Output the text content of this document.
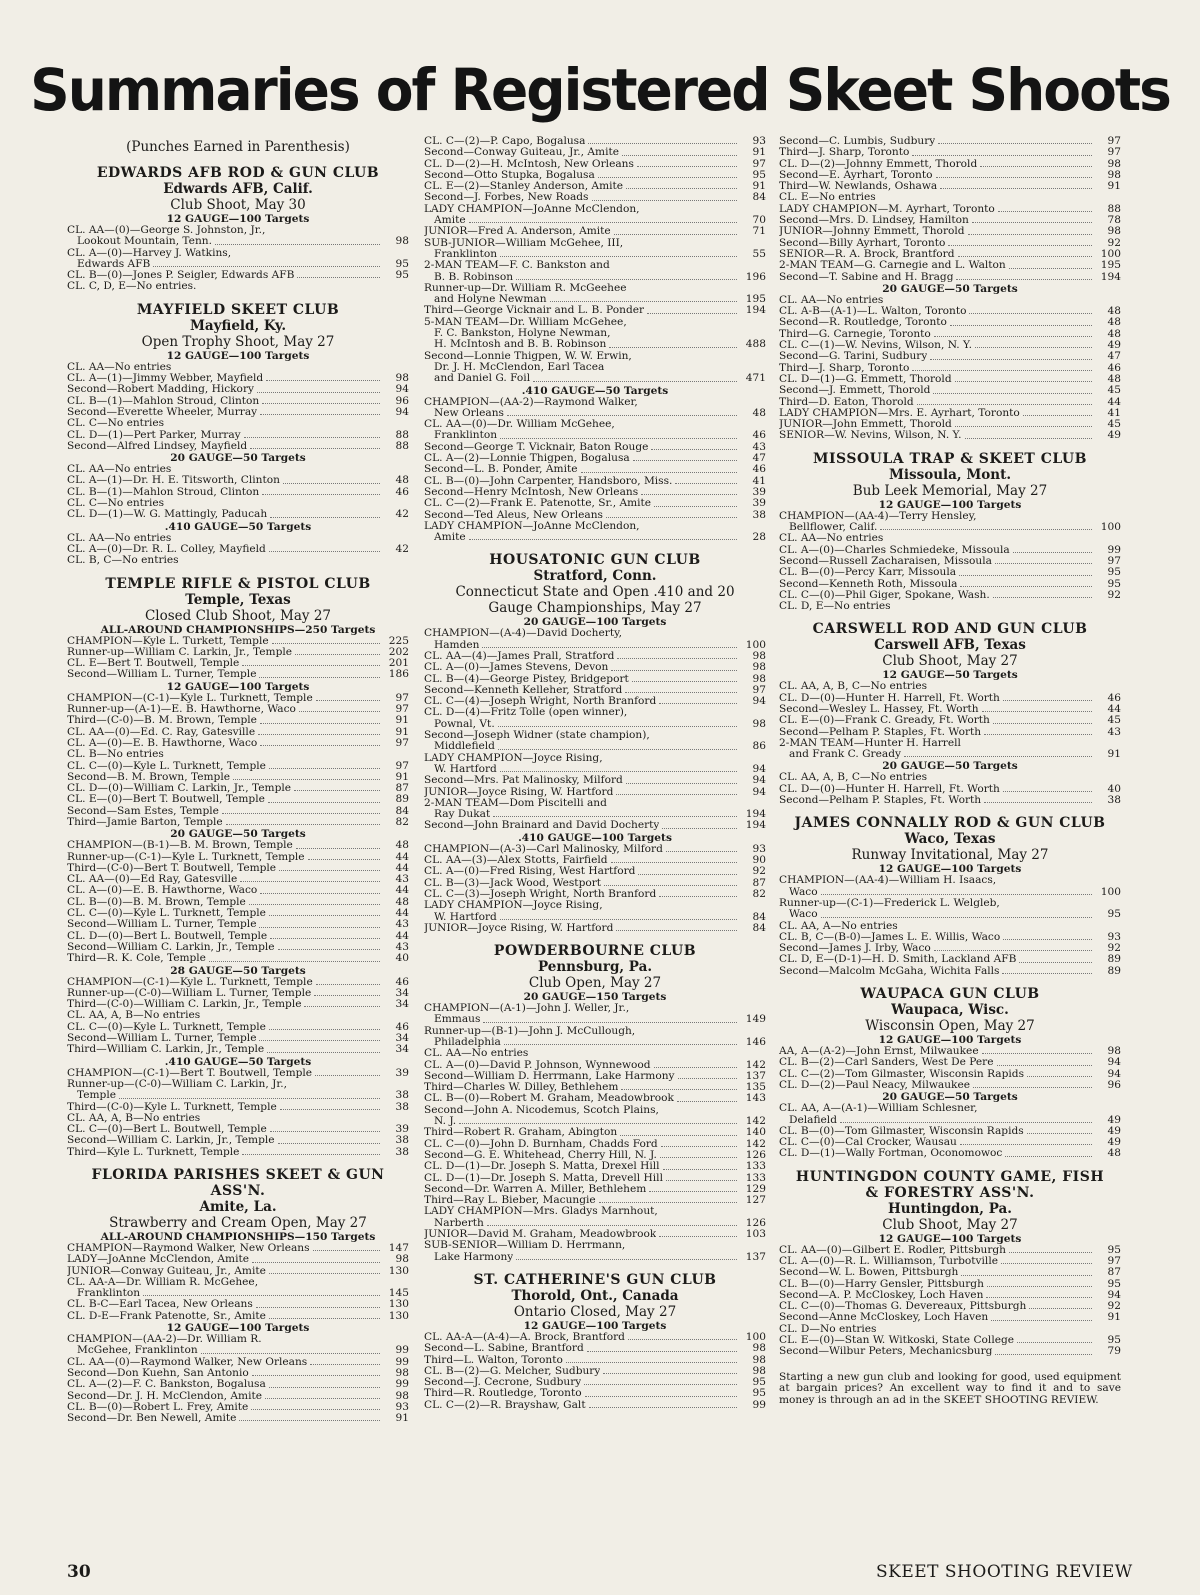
Summaries of Registered Skeet Shoots
(Punches Earned in Parenthesis)
EDWARDS AFB ROD & GUN CLUB
Edwards AFB, Calif.
Club Shoot, May 30
12 GAUGE—100 Targets
CL. AA—(0)—George S. Johnston, Jr.,
Lookout Mountain, Tenn.	98
CL. A—(0)—Harvey J. Watkins,
Edwards AFB	95
CL. B—(0)—Jones P. Seigler, Edwards AFB	95
CL. C, D, E—No entries.
MAYFIELD SKEET CLUB
Mayfield, Ky.
Open Trophy Shoot, May 27
12 GAUGE—100 Targets
CL. AA—No entries
CL. A—(1)—Jimmy Webber, Mayfield	98
Second—Robert Madding, Hickory	94
CL. B—(1)—Mahlon Stroud, Clinton	96
Second—Everette Wheeler, Murray	94
CL. C—No entries
CL. D—(1)—Pert Parker, Murray	88
Second—Alfred Lindsey, Mayfield	88
20 GAUGE—50 Targets
CL. AA—No entries
CL. A—(1)—Dr. H. E. Titsworth, Clinton	48
CL. B—(1)—Mahlon Stroud, Clinton	46
CL. C—No entries
CL. D—(1)—W. G. Mattingly, Paducah	42
.410 GAUGE—50 Targets
CL. AA—No entries
CL. A—(0)—Dr. R. L. Colley, Mayfield	42
CL. B, C—No entries
TEMPLE RIFLE & PISTOL CLUB
Temple, Texas
Closed Club Shoot, May 27
ALL-AROUND CHAMPIONSHIPS—250 Targets
CHAMPION—Kyle L. Turkett, Temple	225
Runner-up—William C. Larkin, Jr., Temple	202
CL. E—Bert T. Boutwell, Temple	201
Second—William L. Turner, Temple	186
12 GAUGE—100 Targets
CHAMPION—(C-1)—Kyle L. Turknett, Temple	97
Runner-up—(A-1)—E. B. Hawthorne, Waco	97
Third—(C-0)—B. M. Brown, Temple	91
CL. AA—(0)—Ed. C. Ray, Gatesville	91
CL. A—(0)—E. B. Hawthorne, Waco	97
CL. B—No entries
CL. C—(0)—Kyle L. Turknett, Temple	97
Second—B. M. Brown, Temple	91
CL. D—(0)—William C. Larkin, Jr., Temple	87
CL. E—(0)—Bert T. Boutwell, Temple	89
Second—Sam Estes, Temple	84
Third—Jamie Barton, Temple	82
20 GAUGE—50 Targets
CHAMPION—(B-1)—B. M. Brown, Temple	48
Runner-up—(C-1)—Kyle L. Turknett, Temple	44
Third—(C-0)—Bert T. Boutwell, Temple	44
CL. AA—(0)—Ed Ray, Gatesville	43
CL. A—(0)—E. B. Hawthorne, Waco	44
CL. B—(0)—B. M. Brown, Temple	48
CL. C—(0)—Kyle L. Turknett, Temple	44
Second—William L. Turner, Temple	43
CL. D—(0)—Bert L. Boutwell, Temple	44
Second—William C. Larkin, Jr., Temple	43
Third—R. K. Cole, Temple	40
28 GAUGE—50 Targets
CHAMPION—(C-1)—Kyle L. Turknett, Temple	46
Runner-up—(C-0)—William L. Turner, Temple	34
Third—(C-0)—William C. Larkin, Jr., Temple	34
CL. AA, A, B—No entries
CL. C—(0)—Kyle L. Turknett, Temple	46
Second—William L. Turner, Temple	34
Third—William C. Larkin, Jr., Temple	34
.410 GAUGE—50 Targets
CHAMPION—(C-1)—Bert T. Boutwell, Temple	39
Runner-up—(C-0)—William C. Larkin, Jr.,
Temple	38
Third—(C-0)—Kyle L. Turknett, Temple	38
CL. AA, A, B—No entries
CL. C—(0)—Bert L. Boutwell, Temple	39
Second—William C. Larkin, Jr., Temple	38
Third—Kyle L. Turknett, Temple	38
FLORIDA PARISHES SKEET & GUN
ASS'N.
Amite, La.
Strawberry and Cream Open, May 27
ALL-AROUND CHAMPIONSHIPS—150 Targets
CHAMPION—Raymond Walker, New Orleans	147
LADY—JoAnne McClendon, Amite	98
JUNIOR—Conway Guiteau, Jr., Amite	130
CL. AA-A—Dr. William R. McGehee,
Franklinton	145
CL. B-C—Earl Tacea, New Orleans	130
CL. D-E—Frank Patenotte, Sr., Amite	130
12 GAUGE—100 Targets
CHAMPION—(AA-2)—Dr. William R.
McGehee, Franklinton	99
CL. AA—(0)—Raymond Walker, New Orleans	99
Second—Don Kuehn, San Antonio	98
CL. A—(2)—F. C. Bankston, Bogalusa	99
Second—Dr. J. H. McClendon, Amite	98
CL. B—(0)—Robert L. Frey, Amite	93
Second—Dr. Ben Newell, Amite	91
CL. C—(2)—P. Capo, Bogalusa	93
Second—Conway Guiteau, Jr., Amite	91
CL. D—(2)—H. McIntosh, New Orleans	97
Second—Otto Stupka, Bogalusa	95
CL. E—(2)—Stanley Anderson, Amite	91
Second—J. Forbes, New Roads	84
LADY CHAMPION—JoAnne McClendon,
Amite	70
JUNIOR—Fred A. Anderson, Amite	71
SUB-JUNIOR—William McGehee, III,
Franklinton	55
2-MAN TEAM—F. C. Bankston and
B. B. Robinson	196
Runner-up—Dr. William R. McGeehee
and Holyne Newman	195
Third—George Vicknair and L. B. Ponder	194
5-MAN TEAM—Dr. William McGehee,
F. C. Bankston, Holyne Newman,
H. McIntosh and B. B. Robinson	488
Second—Lonnie Thigpen, W. W. Erwin,
Dr. J. H. McClendon, Earl Tacea
and Daniel G. Foil	471
.410 GAUGE—50 Targets
CHAMPION—(AA-2)—Raymond Walker,
New Orleans	48
CL. AA—(0)—Dr. William McGehee,
Franklinton	46
Second—George T. Vicknair, Baton Rouge	43
CL. A—(2)—Lonnie Thigpen, Bogalusa	47
Second—L. B. Ponder, Amite	46
CL. B—(0)—John Carpenter, Handsboro, Miss.	41
Second—Henry McIntosh, New Orleans	39
CL. C—(2)—Frank E. Patenotte, Sr., Amite	39
Second—Ted Aleus, New Orleans	38
LADY CHAMPION—JoAnne McClendon,
Amite	28
HOUSATONIC GUN CLUB
Stratford, Conn.
Connecticut State and Open .410 and 20
Gauge Championships, May 27
20 GAUGE—100 Targets
CHAMPION—(A-4)—David Docherty,
Hamden	100
CL. AA—(4)—James Prall, Stratford	98
CL. A—(0)—James Stevens, Devon	98
CL. B—(4)—George Pistey, Bridgeport	98
Second—Kenneth Kelleher, Stratford	97
CL. C—(4)—Joseph Wright, North Branford	94
CL. D—(4)—Fritz Tolle (open winner),
Pownal, Vt.	98
Second—Joseph Widner (state champion),
Middlefield	86
LADY CHAMPION—Joyce Rising,
W. Hartford	94
Second—Mrs. Pat Malinosky, Milford	94
JUNIOR—Joyce Rising, W. Hartford	94
2-MAN TEAM—Dom Piscitelli and
Ray Dukat	194
Second—John Brainard and David Docherty	194
.410 GAUGE—100 Targets
CHAMPION—(A-3)—Carl Malinosky, Milford	93
CL. AA—(3)—Alex Stotts, Fairfield	90
CL. A—(0)—Fred Rising, West Hartford	92
CL. B—(3)—Jack Wood, Westport	87
CL. C—(3)—Joseph Wright, North Branford	82
LADY CHAMPION—Joyce Rising,
W. Hartford	84
JUNIOR—Joyce Rising, W. Hartford	84
POWDERBOURNE CLUB
Pennsburg, Pa.
Club Open, May 27
20 GAUGE—150 Targets
CHAMPION—(A-1)—John J. Weller, Jr.,
Emmaus	149
Runner-up—(B-1)—John J. McCullough,
Philadelphia	146
CL. AA—No entries
CL. A—(0)—David P. Johnson, Wynnewood	142
Second—William D. Herrmann, Lake Harmony	137
Third—Charles W. Dilley, Bethlehem	135
CL. B—(0)—Robert M. Graham, Meadowbrook	143
Second—John A. Nicodemus, Scotch Plains,
N. J.	142
Third—Robert R. Graham, Abington	140
CL. C—(0)—John D. Burnham, Chadds Ford	142
Second—G. E. Whitehead, Cherry Hill, N. J.	126
CL. D—(1)—Dr. Joseph S. Matta, Drexel Hill	133
CL. D—(1)—Dr. Joseph S. Matta, Drevell Hill	133
Second—Dr. Warren A. Miller, Bethlehem	129
Third—Ray L. Bieber, Macungie	127
LADY CHAMPION—Mrs. Gladys Marnhout,
Narberth	126
JUNIOR—David M. Graham, Meadowbrook	103
SUB-SENIOR—William D. Herrmann,
Lake Harmony	137
ST. CATHERINE'S GUN CLUB
Thorold, Ont., Canada
Ontario Closed, May 27
12 GAUGE—100 Targets
CL. AA-A—(A-4)—A. Brock, Brantford	100
Second—L. Sabine, Brantford	98
Third—L. Walton, Toronto	98
CL. B—(2)—G. Melcher, Sudbury	98
Second—J. Cecrone, Sudbury	95
Third—R. Routledge, Toronto	95
CL. C—(2)—R. Brayshaw, Galt	99
Second—C. Lumbis, Sudbury	97
Third—J. Sharp, Toronto	97
CL. D—(2)—Johnny Emmett, Thorold	98
Second—E. Ayrhart, Toronto	98
Third—W. Newlands, Oshawa	91
CL. E—No entries
LADY CHAMPION—M. Ayrhart, Toronto	88
Second—Mrs. D. Lindsey, Hamilton	78
JUNIOR—Johnny Emmett, Thorold	98
Second—Billy Ayrhart, Toronto	92
SENIOR—R. A. Brock, Brantford	100
2-MAN TEAM—G. Carnegie and L. Walton	195
Second—T. Sabine and H. Bragg	194
20 GAUGE—50 Targets
CL. AA—No entries
CL. A-B—(A-1)—L. Walton, Toronto	48
Second—R. Routledge, Toronto	48
Third—G. Carnegie, Toronto	48
CL. C—(1)—W. Nevins, Wilson, N. Y.	49
Second—G. Tarini, Sudbury	47
Third—J. Sharp, Toronto	46
CL. D—(1)—G. Emmett, Thorold	48
Second—J. Emmett, Thorold	45
Third—D. Eaton, Thorold	44
LADY CHAMPION—Mrs. E. Ayrhart, Toronto	41
JUNIOR—John Emmett, Thorold	45
SENIOR—W. Nevins, Wilson, N. Y.	49
MISSOULA TRAP & SKEET CLUB
Missoula, Mont.
Bub Leek Memorial, May 27
12 GAUGE—100 Targets
CHAMPION—(AA-4)—Terry Hensley,
Bellflower, Calif.	100
CL. AA—No entries
CL. A—(0)—Charles Schmiedeke, Missoula	99
Second—Russell Zacharaisen, Missoula	97
CL. B—(0)—Percy Karr, Missoula	95
Second—Kenneth Roth, Missoula	95
CL. C—(0)—Phil Giger, Spokane, Wash.	92
CL. D, E—No entries
CARSWELL ROD AND GUN CLUB
Carswell AFB, Texas
Club Shoot, May 27
12 GAUGE—50 Targets
CL. AA, A, B, C—No entries
CL. D—(0)—Hunter H. Harrell, Ft. Worth	46
Second—Wesley L. Hassey, Ft. Worth	44
CL. E—(0)—Frank C. Gready, Ft. Worth	45
Second—Pelham P. Staples, Ft. Worth	43
2-MAN TEAM—Hunter H. Harrell
and Frank C. Gready	91
20 GAUGE—50 Targets
CL. AA, A, B, C—No entries
CL. D—(0)—Hunter H. Harrell, Ft. Worth	40
Second—Pelham P. Staples, Ft. Worth	38
JAMES CONNALLY ROD & GUN CLUB
Waco, Texas
Runway Invitational, May 27
12 GAUGE—100 Targets
CHAMPION—(AA-4)—William H. Isaacs,
Waco	100
Runner-up—(C-1)—Frederick L. Welgleb,
Waco	95
CL. AA, A—No entries
CL. B, C—(B-0)—James L. E. Willis, Waco	93
Second—James J. Irby, Waco	92
CL. D, E—(D-1)—H. D. Smith, Lackland AFB	89
Second—Malcolm McGaha, Wichita Falls	89
WAUPACA GUN CLUB
Waupaca, Wisc.
Wisconsin Open, May 27
12 GAUGE—100 Targets
AA, A—(A-2)—John Ernst, Milwaukee	98
CL. B—(2)—Carl Sanders, West De Pere	94
CL. C—(2)—Tom Gilmaster, Wisconsin Rapids	94
CL. D—(2)—Paul Neacy, Milwaukee	96
20 GAUGE—50 Targets
CL. AA, A—(A-1)—William Schlesner,
Delafield	49
CL. B—(0)—Tom Gilmaster, Wisconsin Rapids	49
CL. C—(0)—Cal Crocker, Wausau	49
CL. D—(1)—Wally Fortman, Oconomowoc	48
HUNTINGDON COUNTY GAME, FISH
& FORESTRY ASS'N.
Huntingdon, Pa.
Club Shoot, May 27
12 GAUGE—100 Targets
CL. AA—(0)—Gilbert E. Rodler, Pittsburgh	95
CL. A—(0)—R. L. Williamson, Turbotville	97
Second—W. L. Bowen, Pittsburgh	87
CL. B—(0)—Harry Gensler, Pittsburgh	95
Second—A. P. McCloskey, Loch Haven	94
CL. C—(0)—Thomas G. Devereaux, Pittsburgh	92
Second—Anne McCloskey, Loch Haven	91
CL. D—No entries
CL. E—(0)—Stan W. Witkoski, State College	95
Second—Wilbur Peters, Mechanicsburg	79
Starting a new gun club and looking for good, used equipment at bargain prices? An excellent way to find it and to save money is through an ad in the SKEET SHOOTING REVIEW.
30	SKEET SHOOTING REVIEW
